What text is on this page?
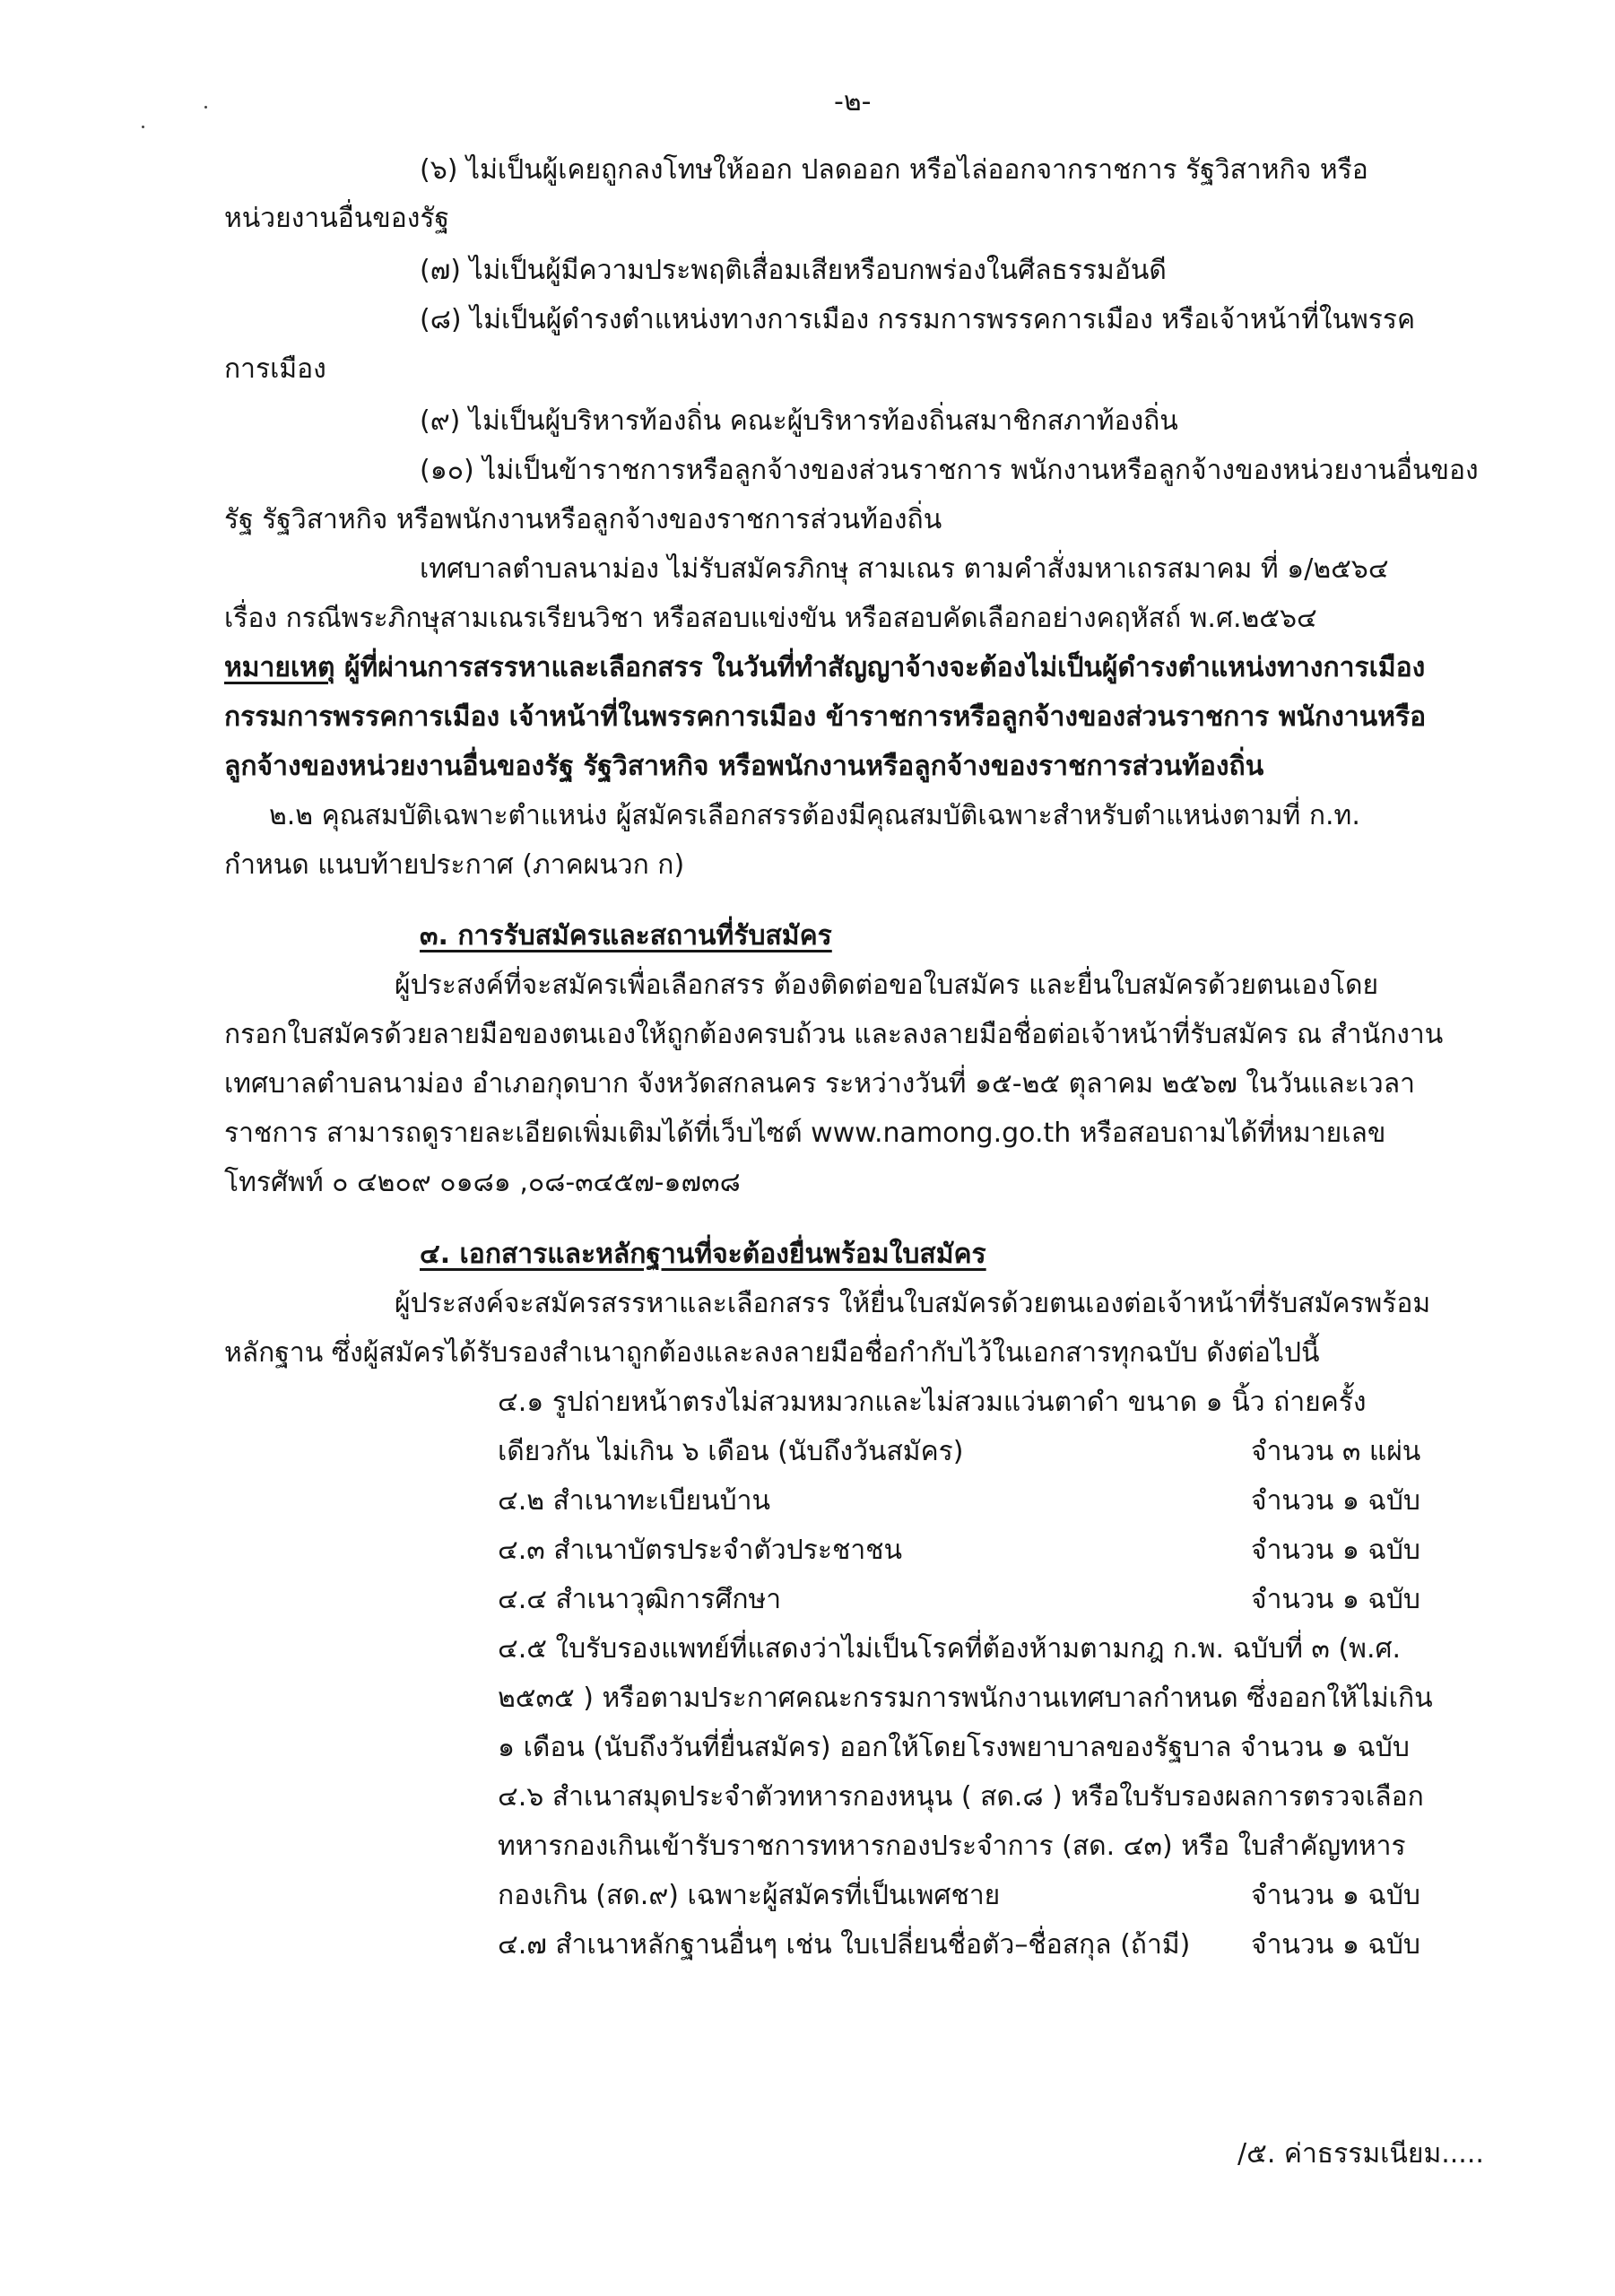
-๒-
(๖) ไม่เป็นผู้เคยถูกลงโทษให้ออก ปลดออก หรือไล่ออกจากราชการ รัฐวิสาหกิจ หรือ
หน่วยงานอื่นของรัฐ
(๗) ไม่เป็นผู้มีความประพฤติเสื่อมเสียหรือบกพร่องในศีลธรรมอันดี
(๘) ไม่เป็นผู้ดำรงตำแหน่งทางการเมือง กรรมการพรรคการเมือง หรือเจ้าหน้าที่ในพรรค
การเมือง
(๙) ไม่เป็นผู้บริหารท้องถิ่น คณะผู้บริหารท้องถิ่นสมาชิกสภาท้องถิ่น
(๑๐) ไม่เป็นข้าราชการหรือลูกจ้างของส่วนราชการ พนักงานหรือลูกจ้างของหน่วยงานอื่นของ
รัฐ รัฐวิสาหกิจ หรือพนักงานหรือลูกจ้างของราชการส่วนท้องถิ่น
เทศบาลตำบลนาม่อง ไม่รับสมัครภิกษุ สามเณร ตามคำสั่งมหาเถรสมาคม ที่ ๑/๒๕๖๔
เรื่อง กรณีพระภิกษุสามเณรเรียนวิชา หรือสอบแข่งขัน หรือสอบคัดเลือกอย่างคฤหัสถ์ พ.ศ.๒๕๖๔
หมายเหตุ ผู้ที่ผ่านการสรรหาและเลือกสรร ในวันที่ทำสัญญาจ้างจะต้องไม่เป็นผู้ดำรงตำแหน่งทางการเมือง
กรรมการพรรคการเมือง เจ้าหน้าที่ในพรรคการเมือง ข้าราชการหรือลูกจ้างของส่วนราชการ พนักงานหรือ
ลูกจ้างของหน่วยงานอื่นของรัฐ รัฐวิสาหกิจ หรือพนักงานหรือลูกจ้างของราชการส่วนท้องถิ่น
๒.๒ คุณสมบัติเฉพาะตำแหน่ง ผู้สมัครเลือกสรรต้องมีคุณสมบัติเฉพาะสำหรับตำแหน่งตามที่ ก.ท.
กำหนด แนบท้ายประกาศ (ภาคผนวก ก)
๓. การรับสมัครและสถานที่รับสมัคร
ผู้ประสงค์ที่จะสมัครเพื่อเลือกสรร ต้องติดต่อขอใบสมัคร และยื่นใบสมัครด้วยตนเองโดย
กรอกใบสมัครด้วยลายมือของตนเองให้ถูกต้องครบถ้วน และลงลายมือชื่อต่อเจ้าหน้าที่รับสมัคร ณ สำนักงาน
เทศบาลตำบลนาม่อง อำเภอกุดบาก จังหวัดสกลนคร ระหว่างวันที่ ๑๕-๒๕ ตุลาคม ๒๕๖๗ ในวันและเวลา
ราชการ สามารถดูรายละเอียดเพิ่มเติมได้ที่เว็บไซต์ www.namong.go.th หรือสอบถามได้ที่หมายเลข
โทรศัพท์ ๐ ๔๒๐๙ ๐๑๘๑ ,๐๘-๓๔๕๗-๑๗๓๘
๔. เอกสารและหลักฐานที่จะต้องยื่นพร้อมใบสมัคร
ผู้ประสงค์จะสมัครสรรหาและเลือกสรร ให้ยื่นใบสมัครด้วยตนเองต่อเจ้าหน้าที่รับสมัครพร้อม
หลักฐาน ซึ่งผู้สมัครได้รับรองสำเนาถูกต้องและลงลายมือชื่อกำกับไว้ในเอกสารทุกฉบับ ดังต่อไปนี้
๔.๑ รูปถ่ายหน้าตรงไม่สวมหมวกและไม่สวมแว่นตาดำ ขนาด ๑ นิ้ว ถ่ายครั้ง
เดียวกัน ไม่เกิน ๖ เดือน (นับถึงวันสมัคร)	จำนวน ๓ แผ่น
๔.๒ สำเนาทะเบียนบ้าน	จำนวน ๑ ฉบับ
๔.๓ สำเนาบัตรประจำตัวประชาชน	จำนวน ๑ ฉบับ
๔.๔ สำเนาวุฒิการศึกษา	จำนวน ๑ ฉบับ
๔.๕ ใบรับรองแพทย์ที่แสดงว่าไม่เป็นโรคที่ต้องห้ามตามกฎ ก.พ. ฉบับที่ ๓ (พ.ศ.
๒๕๓๕ ) หรือตามประกาศคณะกรรมการพนักงานเทศบาลกำหนด ซึ่งออกให้ไม่เกิน
๑ เดือน (นับถึงวันที่ยื่นสมัคร) ออกให้โดยโรงพยาบาลของรัฐบาล จำนวน ๑ ฉบับ
๔.๖ สำเนาสมุดประจำตัวทหารกองหนุน ( สด.๘ ) หรือใบรับรองผลการตรวจเลือก
ทหารกองเกินเข้ารับราชการทหารกองประจำการ (สด. ๔๓) หรือ ใบสำคัญทหาร
กองเกิน (สด.๙) เฉพาะผู้สมัครที่เป็นเพศชาย	จำนวน ๑ ฉบับ
๔.๗ สำเนาหลักฐานอื่นๆ เช่น ใบเปลี่ยนชื่อตัว–ชื่อสกุล (ถ้ามี) จำนวน ๑ ฉบับ
/๕. ค่าธรรมเนียม.....
